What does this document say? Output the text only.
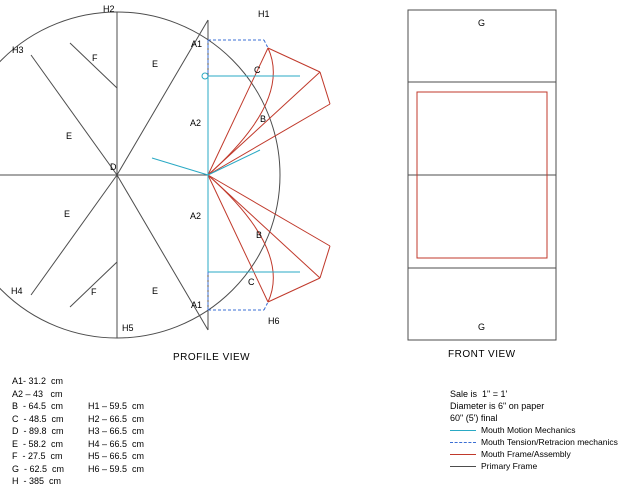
H2	H1
H3
H4
H5
H6
F
E
E
D
E
F	E
A1
A2
A2
A1
C
B
B
C
PROFILE VIEW
G
G
FRONT VIEW
A1- 31.2  cm
A2 – 43   cm
B  - 64.5  cm
C  - 48.5  cm
D  - 89.8  cm
E  - 58.2  cm
F  - 27.5  cm
G  - 62.5  cm
H  - 385  cm
H1 – 59.5  cm
H2 – 66.5  cm
H3 – 66.5  cm
H4 – 66.5  cm
H5 – 66.5  cm
H6 – 59.5  cm
Sale is  1" = 1'
Diameter is 6" on paper
60" (5') final
Mouth Motion Mechanics
Mouth Tension/Retracion mechanics
Mouth Frame/Assembly
Primary Frame
